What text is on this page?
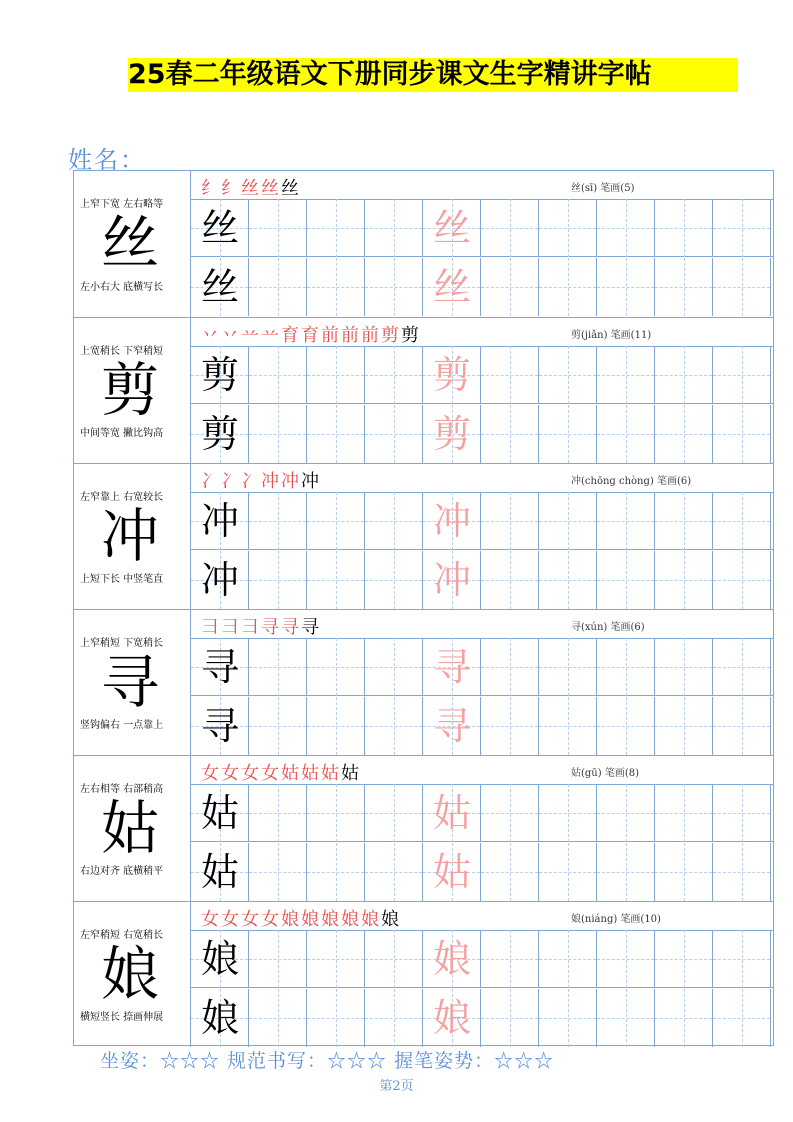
25春二年级语文下册同步课文生字精讲字帖
姓名：
上窄下宽 左右略等
丝
左小右大 底横写长
纟纟丝丝丝	丝(sī) 笔画(5)
丝	丝
丝	丝
上宽稍长 下窄稍短
剪
中间等宽 撇比钩高
丷丷䒑䒑育育前前前剪剪	剪(jiǎn) 笔画(11)
剪	剪
剪	剪
左窄靠上 右宽较长
冲
上短下长 中竖笔直
冫冫冫冲冲冲	冲(chōng chòng) 笔画(6)
冲	冲
冲	冲
上窄稍短 下宽稍长
寻
竖钩偏右 一点靠上
彐彐彐寻寻寻	寻(xún) 笔画(6)
寻	寻
寻	寻
左右相等 右部稍高
姑
右边对齐 底横稍平
女女女女姑姑姑姑	姑(gū) 笔画(8)
姑	姑
姑	姑
左窄稍短 右宽稍长
娘
横短竖长 捺画伸展
女女女女娘娘娘娘娘娘	娘(niáng) 笔画(10)
娘	娘
娘	娘
坐姿：☆☆☆ 规范书写：☆☆☆ 握笔姿势：☆☆☆
第2页
